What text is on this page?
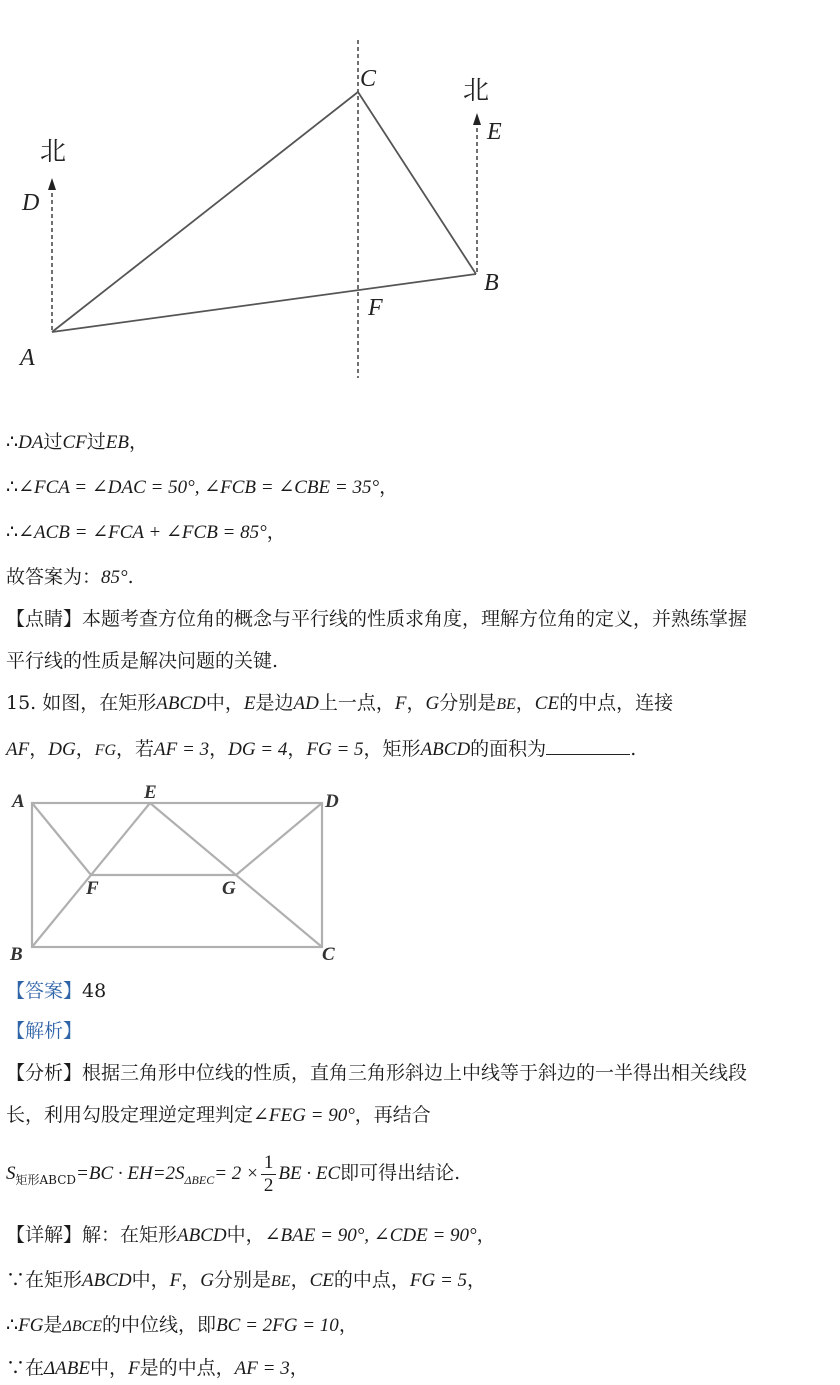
北
北
D
A
C
E
B
F
∴DA过CF过EB，
∴∠FCA = ∠DAC = 50°, ∠FCB = ∠CBE = 35°，
∴∠ACB = ∠FCA + ∠FCB = 85°，
故答案为：85°.
【点睛】本题考查方位角的概念与平行线的性质求角度，理解方位角的定义，并熟练掌握
平行线的性质是解决问题的关键.
15. 如图，在矩形ABCD中，E是边AD上一点，F，G分别是BE，CE的中点，连接
AF，DG，FG，若AF = 3，DG = 4，FG = 5，矩形ABCD的面积为	.
A	E	D
F	G
B	C
【答案】48
【解析】
【分析】根据三角形中位线的性质，直角三角形斜边上中线等于斜边的一半得出相关线段
长，利用勾股定理逆定理判定∠FEG = 90°，再结合
$S_{矩形ABCD}=BC \cdot EH=2S_{\Delta BEC}= 2 \times \frac{1}{2}$ BE · EC即可得出结论.
【详解】解：在矩形ABCD中，∠BAE = 90°, ∠CDE = 90°，
∵在矩形ABCD中，F，G分别是BE，CE的中点，FG = 5，
∴FG是ΔBCE的中位线，即BC = 2FG = 10，
∵在ΔABE中，F是的中点，AF = 3，
